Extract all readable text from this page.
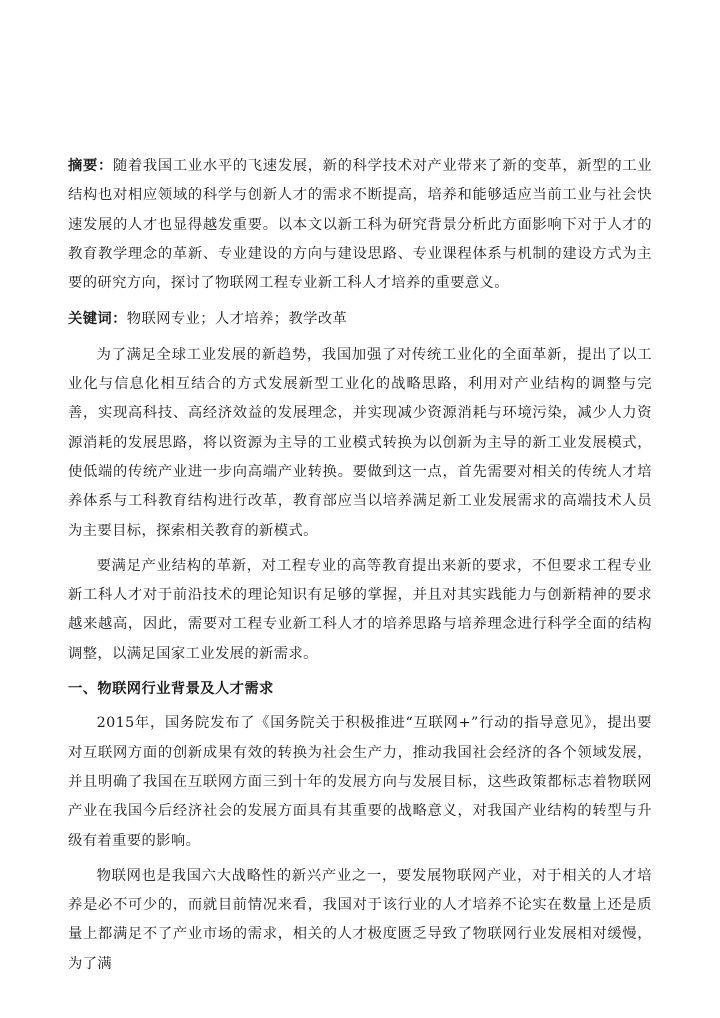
摘要：随着我国工业水平的飞速发展，新的科学技术对产业带来了新的变革，新型的工业结构也对相应领域的科学与创新人才的需求不断提高，培养和能够适应当前工业与社会快速发展的人才也显得越发重要。以本文以新工科为研究背景分析此方面影响下对于人才的教育教学理念的革新、专业建设的方向与建设思路、专业课程体系与机制的建设方式为主要的研究方向，探讨了物联网工程专业新工科人才培养的重要意义。

关键词：物联网专业；人才培养；教学改革

为了满足全球工业发展的新趋势，我国加强了对传统工业化的全面革新，提出了以工业化与信息化相互结合的方式发展新型工业化的战略思路，利用对产业结构的调整与完善，实现高科技、高经济效益的发展理念，并实现减少资源消耗与环境污染，减少人力资源消耗的发展思路，将以资源为主导的工业模式转换为以创新为主导的新工业发展模式，使低端的传统产业进一步向高端产业转换。要做到这一点，首先需要对相关的传统人才培养体系与工科教育结构进行改革，教育部应当以培养满足新工业发展需求的高端技术人员为主要目标，探索相关教育的新模式。

要满足产业结构的革新，对工程专业的高等教育提出来新的要求，不但要求工程专业新工科人才对于前沿技术的理论知识有足够的掌握，并且对其实践能力与创新精神的要求越来越高，因此，需要对工程专业新工科人才的培养思路与培养理念进行科学全面的结构调整，以满足国家工业发展的新需求。

一、物联网行业背景及人才需求

2015年，国务院发布了《国务院关于积极推进“互联网+”行动的指导意见》，提出要对互联网方面的创新成果有效的转换为社会生产力，推动我国社会经济的各个领域发展，并且明确了我国在互联网方面三到十年的发展方向与发展目标，这些政策都标志着物联网产业在我国今后经济社会的发展方面具有其重要的战略意义，对我国产业结构的转型与升级有着重要的影响。

物联网也是我国六大战略性的新兴产业之一，要发展物联网产业，对于相关的人才培养是必不可少的，而就目前情况来看，我国对于该行业的人才培养不论实在数量上还是质量上都满足不了产业市场的需求，相关的人才极度匮乏导致了物联网行业发展相对缓慢，为了满
